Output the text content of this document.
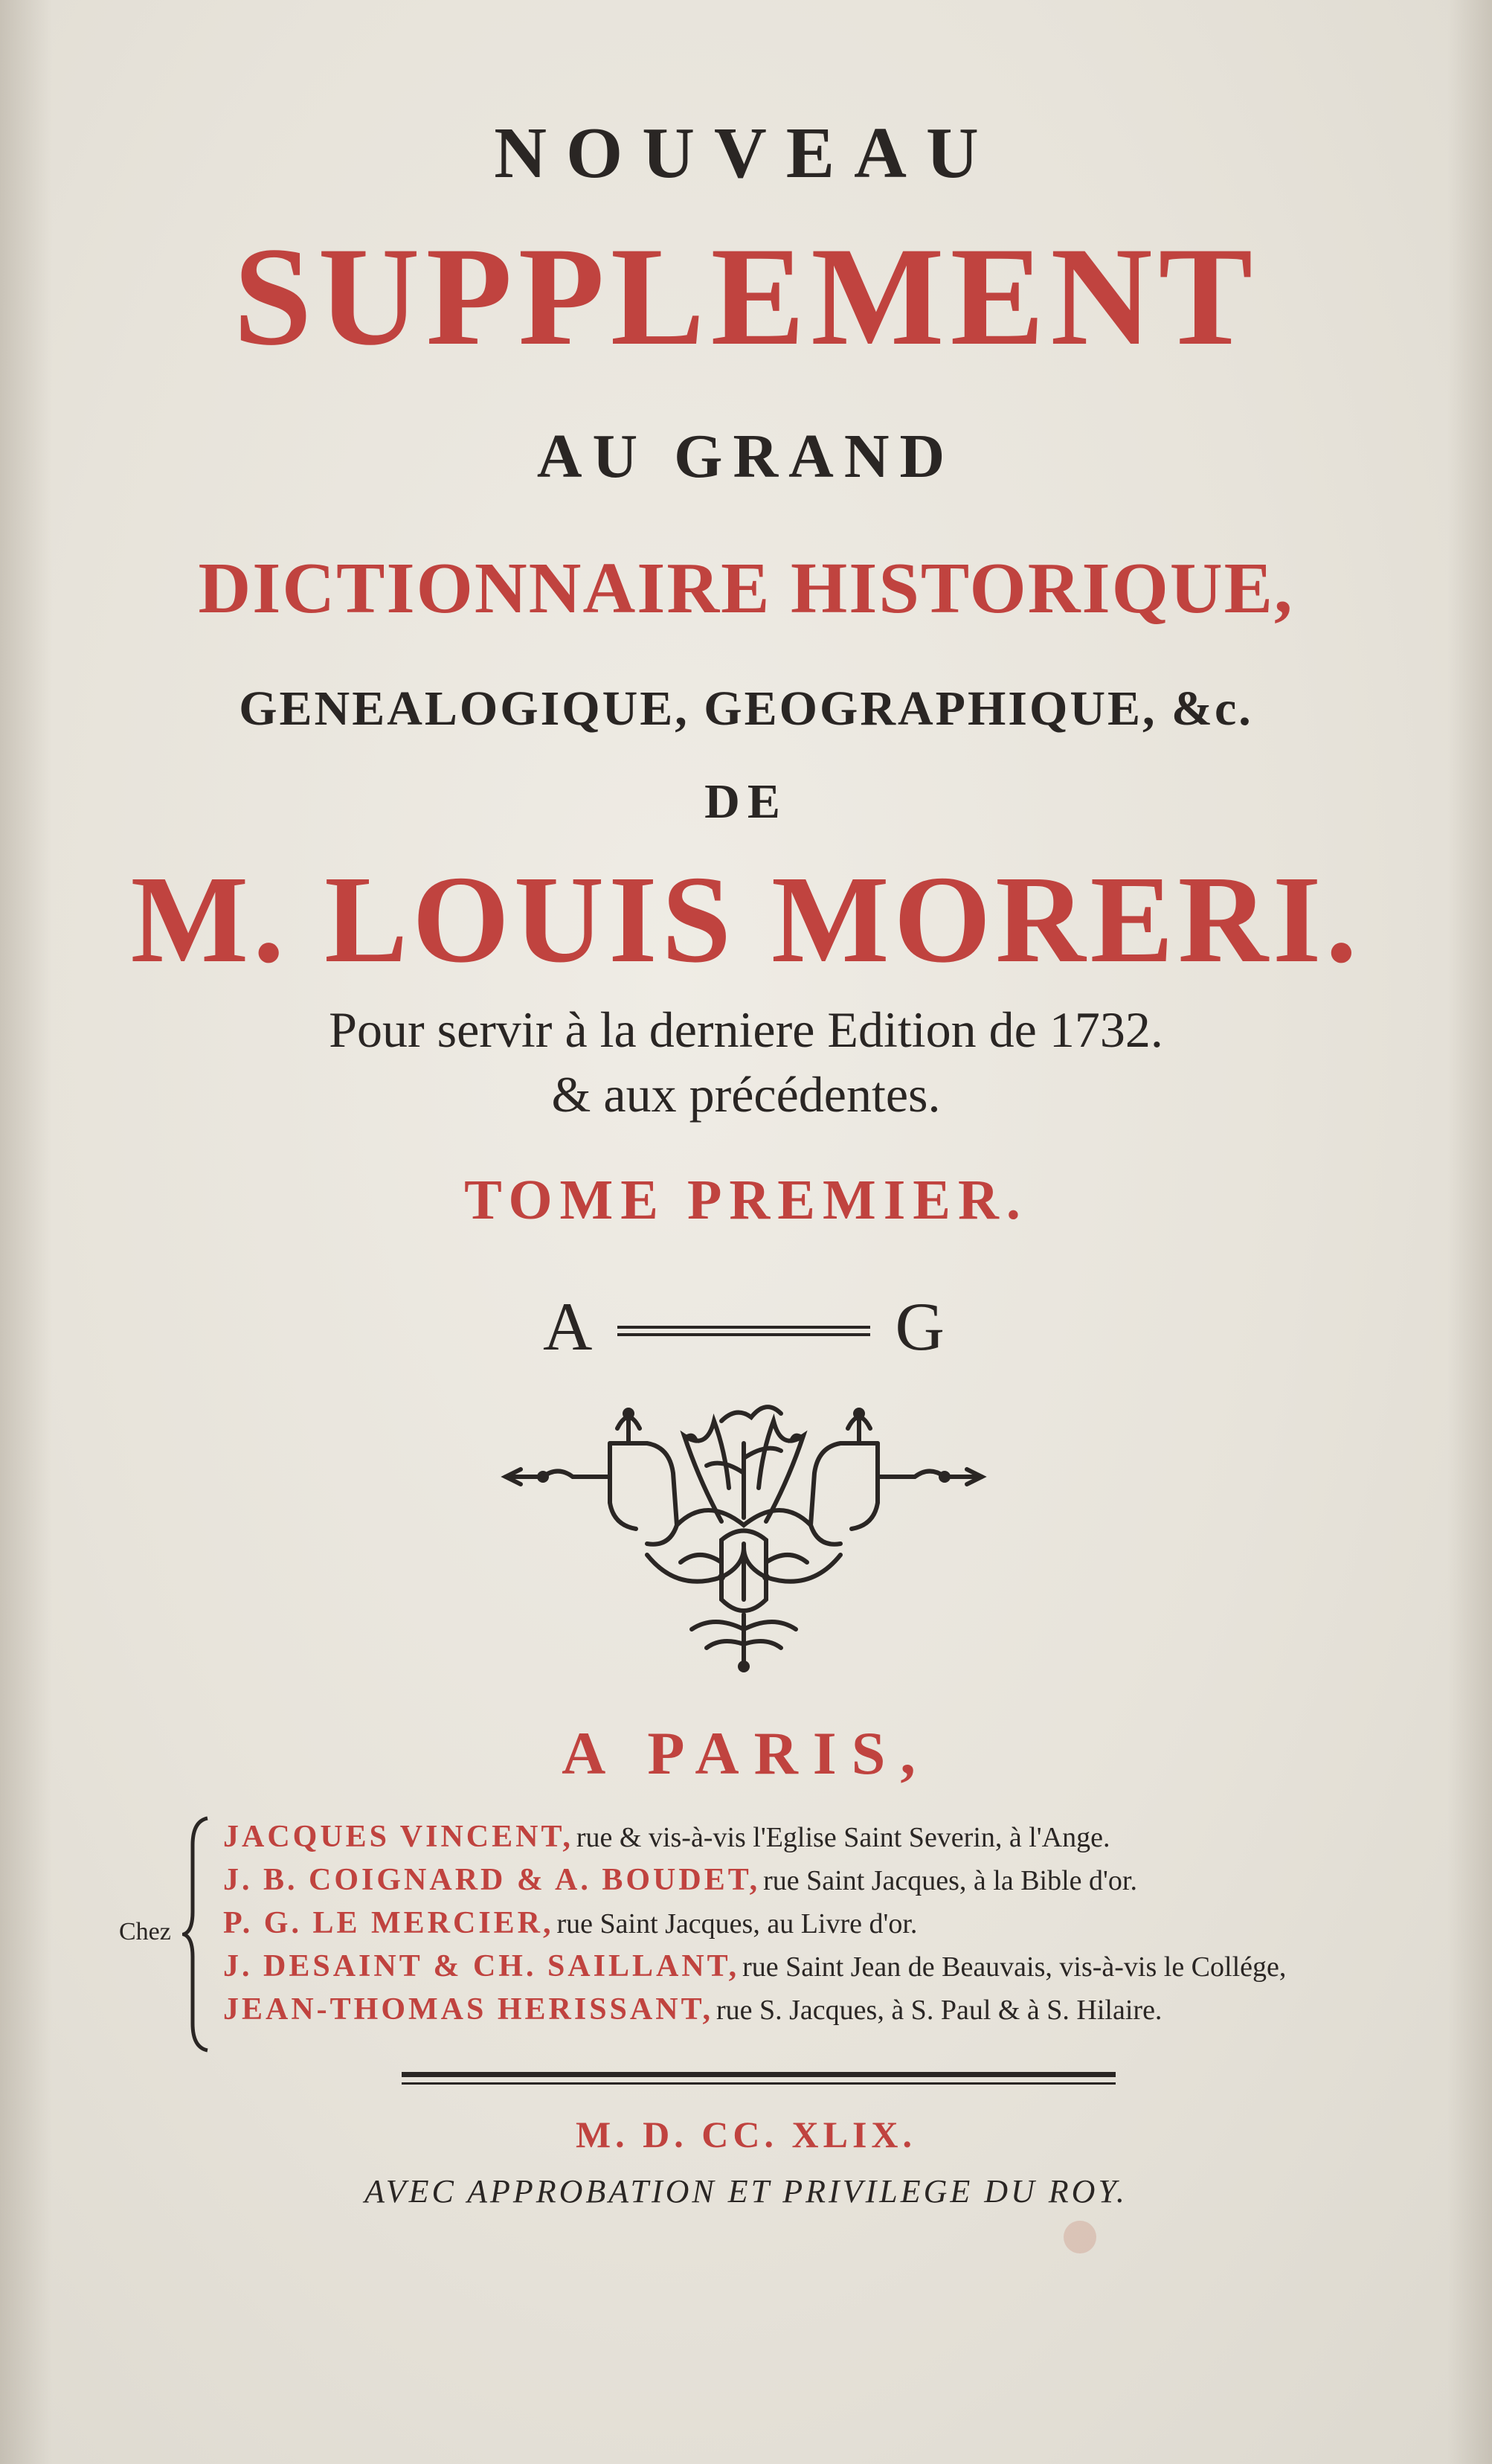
NOUVEAU
SUPPLEMENT
AU GRAND
DICTIONNAIRE HISTORIQUE,
GENEALOGIQUE, GEOGRAPHIQUE, &c.
DE
M. LOUIS MORERI.
Pour servir à la derniere Edition de 1732.
& aux précédentes.
TOME PREMIER.
A	G
A PARIS,
Chez
JACQUES VINCENT, rue & vis-à-vis l'Eglise Saint Severin, à l'Ange.
J. B. COIGNARD & A. BOUDET, rue Saint Jacques, à la Bible d'or.
P. G. LE MERCIER, rue Saint Jacques, au Livre d'or.
J. DESAINT & CH. SAILLANT, rue Saint Jean de Beauvais, vis-à-vis le Collége,
JEAN-THOMAS HERISSANT, rue S. Jacques, à S. Paul & à S. Hilaire.
M. D. CC. XLIX.
AVEC APPROBATION ET PRIVILEGE DU ROY.
